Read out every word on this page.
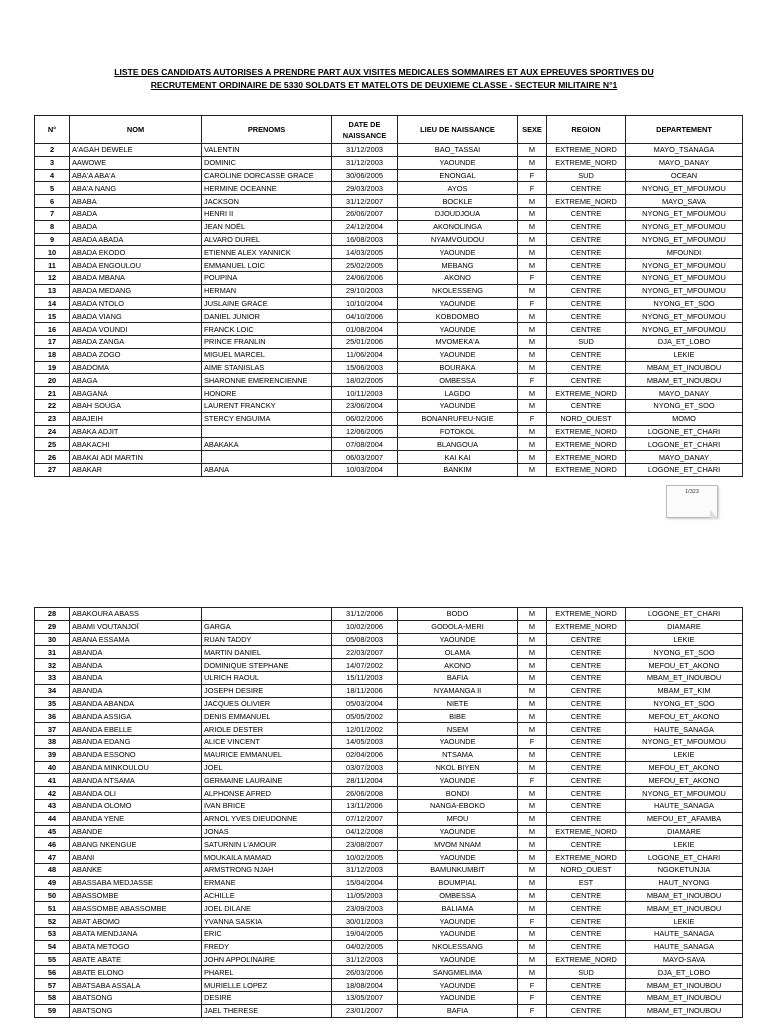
LISTE DES CANDIDATS AUTORISES A PRENDRE PART AUX VISITES MEDICALES SOMMAIRES ET AUX EPREUVES SPORTIVES DU
RECRUTEMENT ORDINAIRE DE 5330 SOLDATS ET MATELOTS DE DEUXIEME CLASSE - SECTEUR MILITAIRE N°1
N°	NOM	PRENOMS	DATE DE NAISSANCE	LIEU DE NAISSANCE	SEXE	REGION	DEPARTEMENT
2	A'AGAH DEWELE	VALENTIN	31/12/2003	BAO_TASSAI	M	EXTREME_NORD	MAYO_TSANAGA
3	AAWOWE	DOMINIC	31/12/2003	YAOUNDE	M	EXTREME_NORD	MAYO_DANAY
4	ABA'A ABA'A	CAROLINE DORCASSE GRACE	30/06/2005	ENONGAL	F	SUD	OCEAN
5	ABA'A NANG	HERMINE OCEANNE	29/03/2003	AYOS	F	CENTRE	NYONG_ET_MFOUMOU
6	ABABA	JACKSON	31/12/2007	BOCKLE	M	EXTREME_NORD	MAYO_SAVA
7	ABADA	HENRI II	26/06/2007	DJOUDJOUA	M	CENTRE	NYONG_ET_MFOUMOU
8	ABADA	JEAN NOËL	24/12/2004	AKONOLINGA	M	CENTRE	NYONG_ET_MFOUMOU
9	ABADA ABADA	ALVARO DUREL	16/08/2003	NYAMVOUDOU	M	CENTRE	NYONG_ET_MFOUMOU
10	ABADA EKODO	ETIENNE ALEX YANNICK	14/03/2005	YAOUNDE	M	CENTRE	MFOUNDI
11	ABADA ENGOULOU	EMMANUEL LOIC	25/02/2005	MEBANG	M	CENTRE	NYONG_ET_MFOUMOU
12	ABADA MBANA	POUPINA	24/06/2006	AKONO	F	CENTRE	NYONG_ET_MFOUMOU
13	ABADA MEDANG	HERMAN	29/10/2003	NKOLESSENG	M	CENTRE	NYONG_ET_MFOUMOU
14	ABADA NTOLO	JUSLAINE GRACE	10/10/2004	YAOUNDE	F	CENTRE	NYONG_ET_SOO
15	ABADA VIANG	DANIEL JUNIOR	04/10/2006	KOBDOMBO	M	CENTRE	NYONG_ET_MFOUMOU
16	ABADA VOUNDI	FRANCK LOIC	01/08/2004	YAOUNDE	M	CENTRE	NYONG_ET_MFOUMOU
17	ABADA ZANGA	PRINCE FRANLIN	25/01/2006	MVOMEKA'A	M	SUD	DJA_ET_LOBO
18	ABADA ZOGO	MIGUEL MARCEL	11/06/2004	YAOUNDE	M	CENTRE	LEKIE
19	ABADOMA	AIME STANISLAS	15/06/2003	BOURAKA	M	CENTRE	MBAM_ET_INOUBOU
20	ABAGA	SHARONNE EMERENCIENNE	18/02/2005	OMBESSA	F	CENTRE	MBAM_ET_INOUBOU
21	ABAGANA	HONORE	10/11/2003	LAGDO	M	EXTREME_NORD	MAYO_DANAY
22	ABAH SOUGA	LAURENT FRANCKY	23/06/2004	YAOUNDE	M	CENTRE	NYONG_ET_SOO
23	ABAJEIH	STERCY ENGUIMA	06/02/2006	BONANRUFEU-NGIE	F	NORD_OUEST	MOMO
24	ABAKA ADJIT		12/06/2005	FOTOKOL	M	EXTREME_NORD	LOGONE_ET_CHARI
25	ABAKACHI	ABAKAKA	07/08/2004	BLANGOUA	M	EXTREME_NORD	LOGONE_ET_CHARI
26	ABAKAI ADI MARTIN		06/03/2007	KAI KAI	M	EXTREME_NORD	MAYO_DANAY
27	ABAKAR	ABANA	10/03/2004	BANKIM	M	EXTREME_NORD	LOGONE_ET_CHARI
1/323
28	ABAKOURA ABASS		31/12/2006	BODO	M	EXTREME_NORD	LOGONE_ET_CHARI
29	ABAMI VOUTANJOÏ	GARGA	10/02/2006	GODOLA-MERI	M	EXTREME_NORD	DIAMARE
30	ABANA ESSAMA	RUAN TADDY	05/08/2003	YAOUNDE	M	CENTRE	LEKIE
31	ABANDA	MARTIN DANIEL	22/03/2007	OLAMA	M	CENTRE	NYONG_ET_SOO
32	ABANDA	DOMINIQUE STEPHANE	14/07/2002	AKONO	M	CENTRE	MEFOU_ET_AKONO
33	ABANDA	ULRICH RAOUL	15/11/2003	BAFIA	M	CENTRE	MBAM_ET_INOUBOU
34	ABANDA	JOSEPH DESIRE	18/11/2006	NYAMANGA II	M	CENTRE	MBAM_ET_KIM
35	ABANDA ABANDA	JACQUES OLIVIER	05/03/2004	NIETE	M	CENTRE	NYONG_ET_SOO
36	ABANDA ASSIGA	DENIS EMMANUEL	05/05/2002	BIBE	M	CENTRE	MEFOU_ET_AKONO
37	ABANDA EBELLE	ARIOLE DESTER	12/01/2002	NSEM	M	CENTRE	HAUTE_SANAGA
38	ABANDA EDANG	ALICE VINCENT	14/05/2003	YAOUNDE	F	CENTRE	NYONG_ET_MFOUMOU
39	ABANDA ESSONO	MAURICE EMMANUEL	02/04/2006	NTSAMA	M	CENTRE	LEKIE
40	ABANDA MINKOULOU	JOEL	03/07/2003	NKOL BIYEN	M	CENTRE	MEFOU_ET_AKONO
41	ABANDA NTSAMA	GERMAINE LAURAINE	28/11/2004	YAOUNDE	F	CENTRE	MEFOU_ET_AKONO
42	ABANDA OLI	ALPHONSE AFRED	26/06/2008	BONDI	M	CENTRE	NYONG_ET_MFOUMOU
43	ABANDA OLOMO	IVAN BRICE	13/11/2006	NANGA-EBOKO	M	CENTRE	HAUTE_SANAGA
44	ABANDA YENE	ARNOL YVES DIEUDONNE	07/12/2007	MFOU	M	CENTRE	MEFOU_ET_AFAMBA
45	ABANDE	JONAS	04/12/2008	YAOUNDE	M	EXTREME_NORD	DIAMARE
46	ABANG NKENGUE	SATURNIN L'AMOUR	23/08/2007	MVOM NNAM	M	CENTRE	LEKIE
47	ABANI	MOUKAILA MAMAD	10/02/2005	YAOUNDE	M	EXTREME_NORD	LOGONE_ET_CHARI
48	ABANKE	ARMSTRONG NJAH	31/12/2003	BAMUNKUMBIT	M	NORD_OUEST	NGOKETUNJIA
49	ABASSABA MEDJASSE	ERMANE	15/04/2004	BOUMPIAL	M	EST	HAUT_NYONG
50	ABASSOMBE	ACHILLE	11/05/2003	OMBESSA	M	CENTRE	MBAM_ET_INOUBOU
51	ABASSOMBE ABASSOMBE	JOEL DILANE	23/09/2003	BALIAMA	M	CENTRE	MBAM_ET_INOUBOU
52	ABAT ABOMO	YVANNA SASKIA	30/01/2003	YAOUNDE	F	CENTRE	LEKIE
53	ABATA MENDJANA	ERIC	19/04/2005	YAOUNDE	M	CENTRE	HAUTE_SANAGA
54	ABATA METOGO	FREDY	04/02/2005	NKOLESSANG	M	CENTRE	HAUTE_SANAGA
55	ABATE ABATE	JOHN APPOLINAIRE	31/12/2003	YAOUNDE	M	EXTREME_NORD	MAYO-SAVA
56	ABATE ELONO	PHAREL	26/03/2006	SANGMELIMA	M	SUD	DJA_ET_LOBO
57	ABATSABA ASSALA	MURIELLE LOPEZ	18/08/2004	YAOUNDE	F	CENTRE	MBAM_ET_INOUBOU
58	ABATSONG	DESIRE	13/05/2007	YAOUNDE	F	CENTRE	MBAM_ET_INOUBOU
59	ABATSONG	JAEL THERESE	23/01/2007	BAFIA	F	CENTRE	MBAM_ET_INOUBOU
